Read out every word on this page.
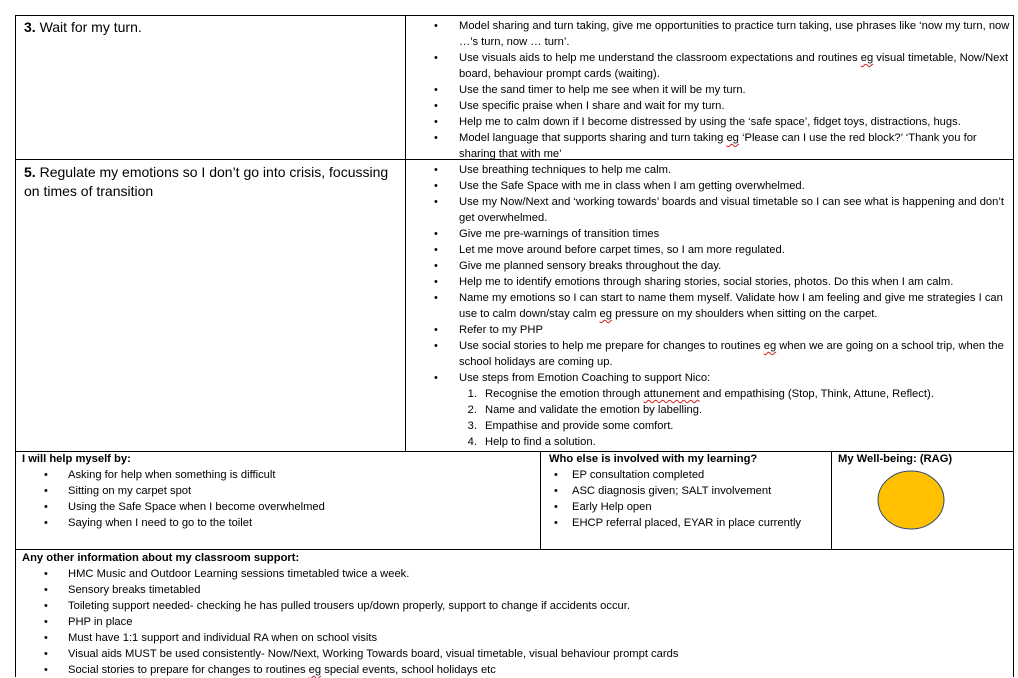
3. Wait for my turn.	• Model sharing and turn taking, give me opportunities to practice turn taking, use phrases like ‘now my turn, now …’s turn, now … turn’.
• Use visuals aids to help me understand the classroom expectations and routines eg visual timetable, Now/Next board, behaviour prompt cards (waiting).
• Use the sand timer to help me see when it will be my turn.
• Use specific praise when I share and wait for my turn.
• Help me to calm down if I become distressed by using the ‘safe space’, fidget toys, distractions, hugs.
• Model language that supports sharing and turn taking eg ‘Please can I use the red block?’ ‘Thank you for sharing that with me’
5. Regulate my emotions so I don’t go into crisis, focussing on times of transition
• Use breathing techniques to help me calm.
• Use the Safe Space with me in class when I am getting overwhelmed.
• Use my Now/Next and ‘working towards’ boards and visual timetable so I can see what is happening and don’t get overwhelmed.
• Give me pre-warnings of transition times
• Let me move around before carpet times, so I am more regulated.
• Give me planned sensory breaks throughout the day.
• Help me to identify emotions through sharing stories, social stories, photos. Do this when I am calm.
• Name my emotions so I can start to name them myself. Validate how I am feeling and give me strategies I can use to calm down/stay calm eg pressure on my shoulders when sitting on the carpet.
• Refer to my PHP
• Use social stories to help me prepare for changes to routines eg when we are going on a school trip, when the school holidays are coming up.
• Use steps from Emotion Coaching to support Nico:
1. Recognise the emotion through attunement and empathising (Stop, Think, Attune, Reflect).
2. Name and validate the emotion by labelling.
3. Empathise and provide some comfort.
4. Help to find a solution.
I will help myself by:
• Asking for help when something is difficult
• Sitting on my carpet spot
• Using the Safe Space when I become overwhelmed
• Saying when I need to go to the toilet
Who else is involved with my learning?
• EP consultation completed
• ASC diagnosis given; SALT involvement
• Early Help open
• EHCP referral placed, EYAR in place currently
My Well-being: (RAG)
Any other information about my classroom support:
• HMC Music and Outdoor Learning sessions timetabled twice a week.
• Sensory breaks timetabled
• Toileting support needed- checking he has pulled trousers up/down properly, support to change if accidents occur.
• PHP in place
• Must have 1:1 support and individual RA when on school visits
• Visual aids MUST be used consistently- Now/Next, Working Towards board, visual timetable, visual behaviour prompt cards
• Social stories to prepare for changes to routines eg special events, school holidays etc
